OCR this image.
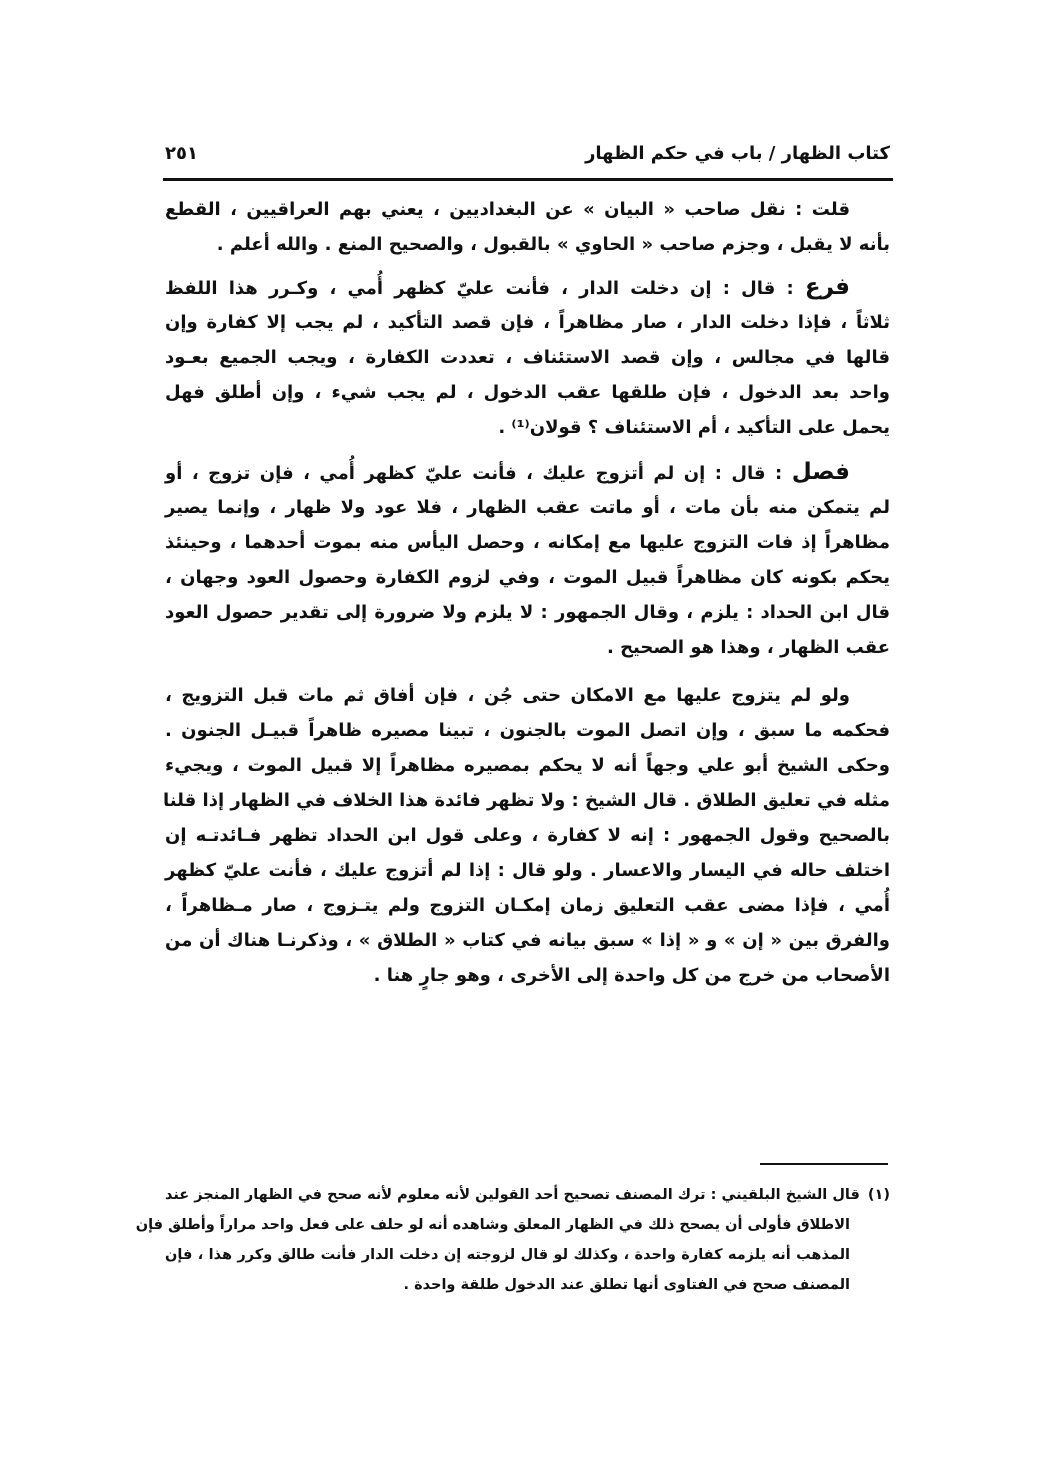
كتاب الظهار / باب في حكم الظهار
٢٥١
قلت : نقل صاحب « البيان » عن البغداديين ، يعني بهم العراقيين ، القطع
بأنه لا يقبل ، وجزم صاحب « الحاوي » بالقبول ، والصحيح المنع . والله أعلم .
فرع : قال : إن دخلت الدار ، فأنت عليّ كظهر أُمي ، وكـرر هذا اللفظ
ثلاثاً ، فإذا دخلت الدار ، صار مظاهراً ، فإن قصد التأكيد ، لم يجب إلا كفارة وإن
قالها في مجالس ، وإن قصد الاستئناف ، تعددت الكفارة ، ويجب الجميع بعـود
واحد بعد الدخول ، فإن طلقها عقب الدخول ، لم يجب شيء ، وإن أطلق فهل
يحمل على التأكيد ، أم الاستئناف ؟ قولان⁽¹⁾ .
فصل : قال : إن لم أتزوج عليك ، فأنت عليّ كظهر أُمي ، فإن تزوج ، أو
لم يتمكن منه بأن مات ، أو ماتت عقب الظهار ، فلا عود ولا ظهار ، وإنما يصير
مظاهراً إذ فات التزوج عليها مع إمكانه ، وحصل اليأس منه بموت أحدهما ، وحينئذ
يحكم بكونه كان مظاهراً قبيل الموت ، وفي لزوم الكفارة وحصول العود وجهان ،
قال ابن الحداد : يلزم ، وقال الجمهور : لا يلزم ولا ضرورة إلى تقدير حصول العود
عقب الظهار ، وهذا هو الصحيح .
ولو لم يتزوج عليها مع الامكان حتى جُن ، فإن أفاق ثم مات قبل التزويج ،
فحكمه ما سبق ، وإن اتصل الموت بالجنون ، تبينا مصيره ظاهراً قبيـل الجنون .
وحكى الشيخ أبو علي وجهاً أنه لا يحكم بمصيره مظاهراً إلا قبيل الموت ، ويجيء
مثله في تعليق الطلاق . قال الشيخ : ولا تظهر فائدة هذا الخلاف في الظهار إذا قلنا
بالصحيح وقول الجمهور : إنه لا كفارة ، وعلى قول ابن الحداد تظهر فـائدتـه إن
اختلف حاله في اليسار والاعسار . ولو قال : إذا لم أتزوج عليك ، فأنت عليّ كظهر
أُمي ، فإذا مضى عقب التعليق زمان إمكـان التزوج ولم يتـزوج ، صار مـظاهراً ،
والفرق بين « إن » و « إذا » سبق بيانه في كتاب « الطلاق » ، وذكرنـا هناك أن من
الأصحاب من خرج من كل واحدة إلى الأخرى ، وهو جارٍ هنا .
(١)قال الشيخ البلقيني : ترك المصنف تصحيح أحد القولين لأنه معلوم لأنه صحح في الظهار المنجز عند
الاطلاق فأولى أن يصحح ذلك في الظهار المعلق وشاهده أنه لو حلف على فعل واحد مراراً وأطلق فإن
المذهب أنه يلزمه كفارة واحدة ، وكذلك لو قال لزوجته إن دخلت الدار فأنت طالق وكرر هذا ، فإن
المصنف صحح في الفتاوى أنها تطلق عند الدخول طلقة واحدة .
